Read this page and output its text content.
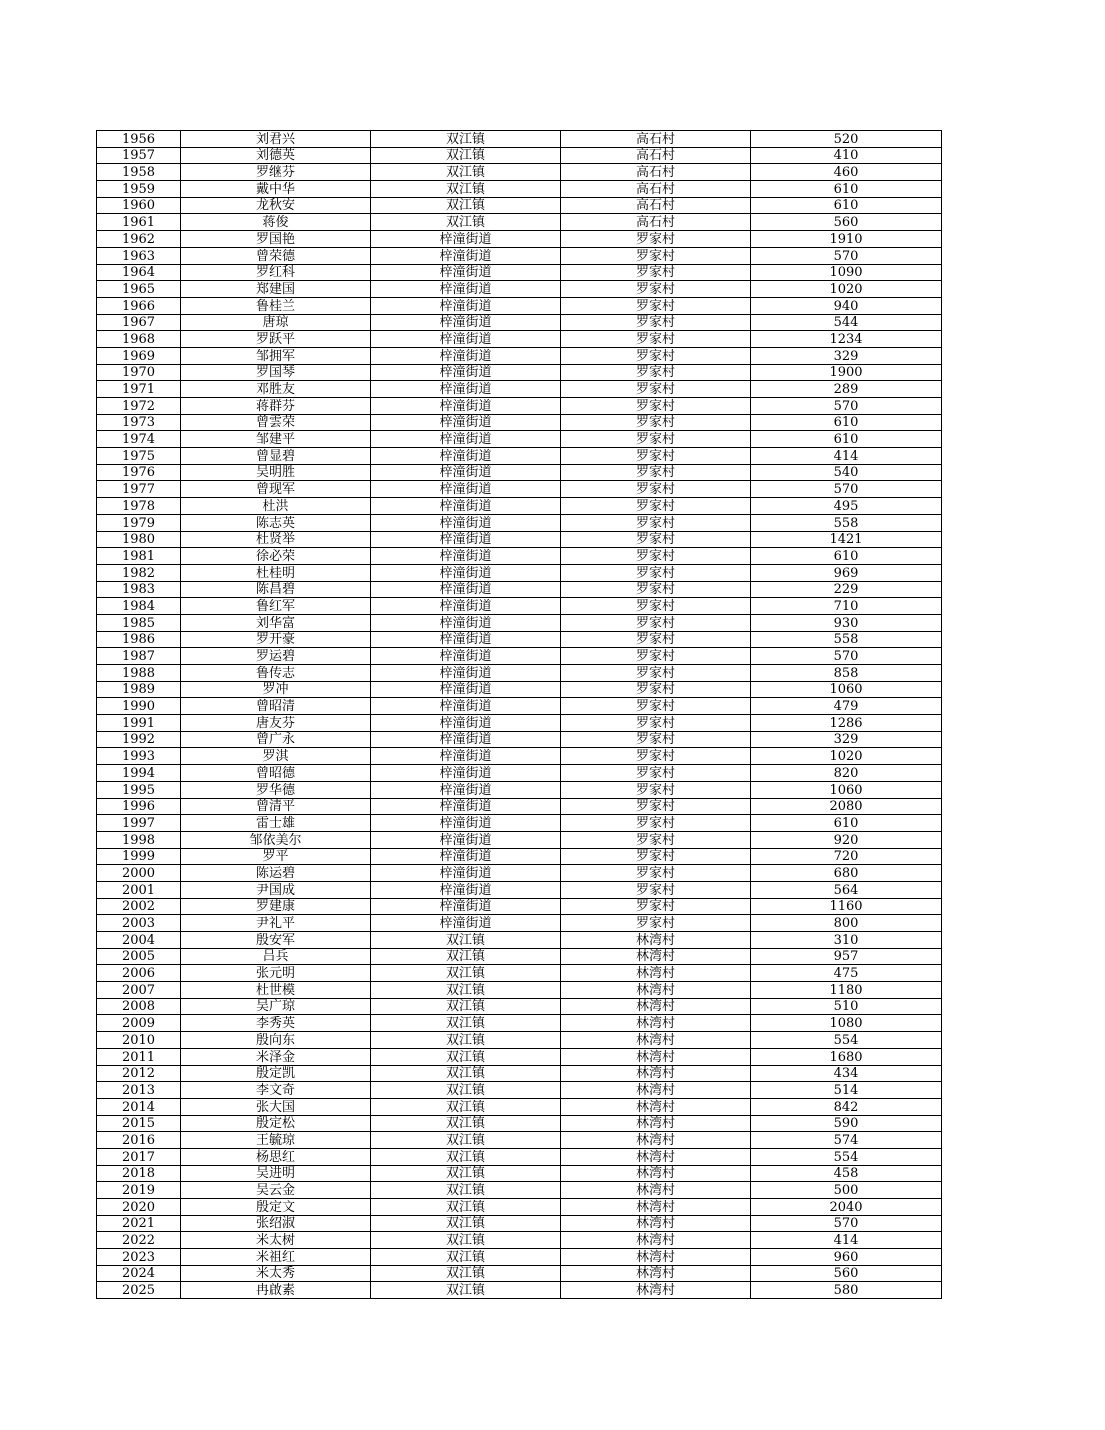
1956	刘君兴	双江镇	高石村	520
1957	刘德英	双江镇	高石村	410
1958	罗继芬	双江镇	高石村	460
1959	戴中华	双江镇	高石村	610
1960	龙秋安	双江镇	高石村	610
1961	蒋俊	双江镇	高石村	560
1962	罗国艳	梓潼街道	罗家村	1910
1963	曾荣德	梓潼街道	罗家村	570
1964	罗红科	梓潼街道	罗家村	1090
1965	郑建国	梓潼街道	罗家村	1020
1966	鲁桂兰	梓潼街道	罗家村	940
1967	唐琼	梓潼街道	罗家村	544
1968	罗跃平	梓潼街道	罗家村	1234
1969	邹拥军	梓潼街道	罗家村	329
1970	罗国琴	梓潼街道	罗家村	1900
1971	邓胜友	梓潼街道	罗家村	289
1972	蒋群芬	梓潼街道	罗家村	570
1973	曾雲荣	梓潼街道	罗家村	610
1974	邹建平	梓潼街道	罗家村	610
1975	曾显碧	梓潼街道	罗家村	414
1976	吴明胜	梓潼街道	罗家村	540
1977	曾现军	梓潼街道	罗家村	570
1978	杜洪	梓潼街道	罗家村	495
1979	陈志英	梓潼街道	罗家村	558
1980	杜贤举	梓潼街道	罗家村	1421
1981	徐必荣	梓潼街道	罗家村	610
1982	杜桂明	梓潼街道	罗家村	969
1983	陈昌碧	梓潼街道	罗家村	229
1984	鲁红军	梓潼街道	罗家村	710
1985	刘华富	梓潼街道	罗家村	930
1986	罗开豪	梓潼街道	罗家村	558
1987	罗运碧	梓潼街道	罗家村	570
1988	鲁传志	梓潼街道	罗家村	858
1989	罗冲	梓潼街道	罗家村	1060
1990	曾昭清	梓潼街道	罗家村	479
1991	唐友芬	梓潼街道	罗家村	1286
1992	曾广永	梓潼街道	罗家村	329
1993	罗淇	梓潼街道	罗家村	1020
1994	曾昭德	梓潼街道	罗家村	820
1995	罗华德	梓潼街道	罗家村	1060
1996	曾清平	梓潼街道	罗家村	2080
1997	雷士雄	梓潼街道	罗家村	610
1998	邹依美尔	梓潼街道	罗家村	920
1999	罗平	梓潼街道	罗家村	720
2000	陈运碧	梓潼街道	罗家村	680
2001	尹国成	梓潼街道	罗家村	564
2002	罗建康	梓潼街道	罗家村	1160
2003	尹礼平	梓潼街道	罗家村	800
2004	殷安军	双江镇	林湾村	310
2005	吕兵	双江镇	林湾村	957
2006	张元明	双江镇	林湾村	475
2007	杜世模	双江镇	林湾村	1180
2008	吴广琼	双江镇	林湾村	510
2009	李秀英	双江镇	林湾村	1080
2010	殷向东	双江镇	林湾村	554
2011	米泽金	双江镇	林湾村	1680
2012	殷定凯	双江镇	林湾村	434
2013	李文奇	双江镇	林湾村	514
2014	张大国	双江镇	林湾村	842
2015	殷定松	双江镇	林湾村	590
2016	王毓琼	双江镇	林湾村	574
2017	杨思红	双江镇	林湾村	554
2018	吴进明	双江镇	林湾村	458
2019	吴云金	双江镇	林湾村	500
2020	殷定文	双江镇	林湾村	2040
2021	张绍淑	双江镇	林湾村	570
2022	米太树	双江镇	林湾村	414
2023	米祖红	双江镇	林湾村	960
2024	米太秀	双江镇	林湾村	560
2025	冉啟素	双江镇	林湾村	580
